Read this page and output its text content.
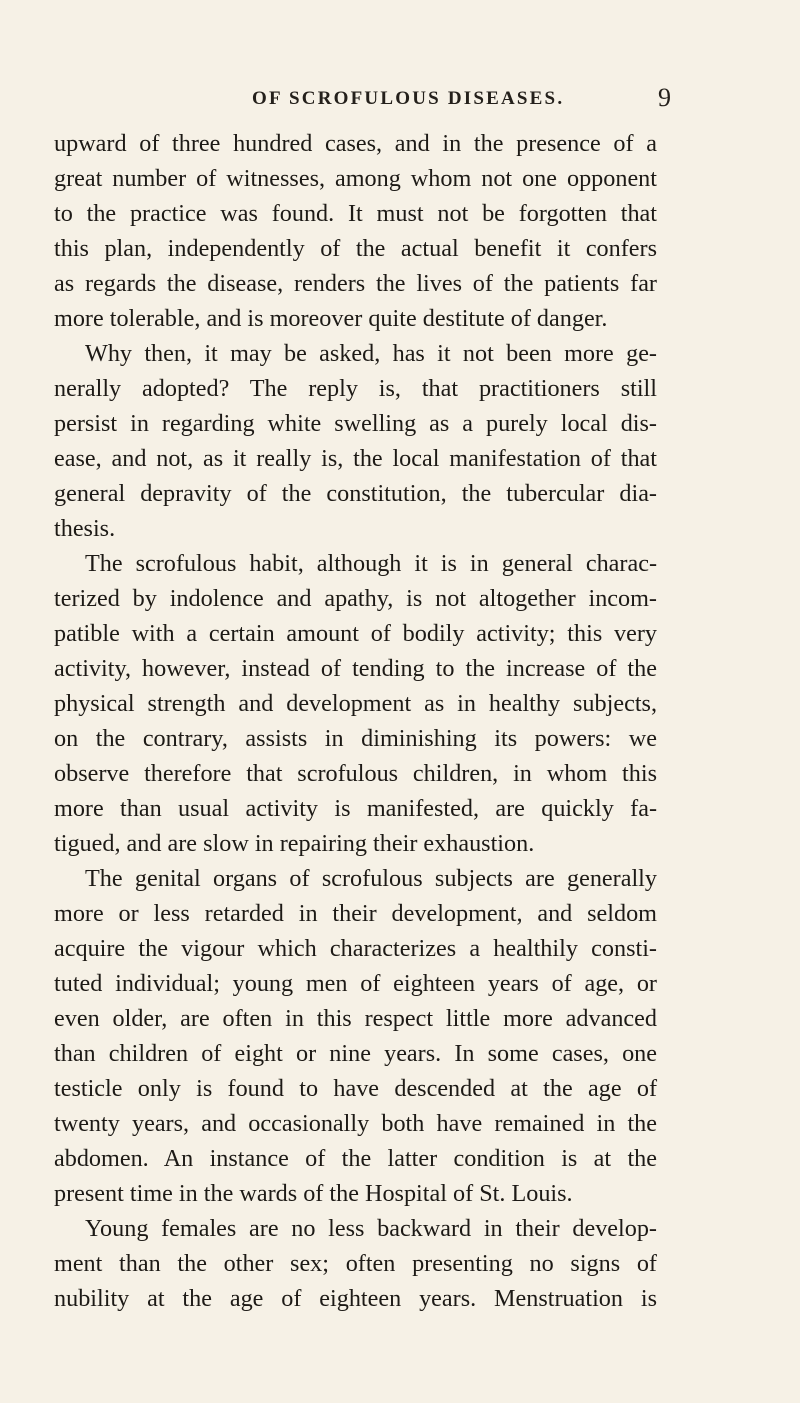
OF SCROFULOUS DISEASES.	9
upward of three hundred cases, and in the presence of a
great number of witnesses, among whom not one opponent
to the practice was found. It must not be forgotten that
this plan, independently of the actual benefit it confers
as regards the disease, renders the lives of the patients far
more tolerable, and is moreover quite destitute of danger.
Why then, it may be asked, has it not been more ge-
nerally adopted? The reply is, that practitioners still
persist in regarding white swelling as a purely local dis-
ease, and not, as it really is, the local manifestation of that
general depravity of the constitution, the tubercular dia-
thesis.
The scrofulous habit, although it is in general charac-
terized by indolence and apathy, is not altogether incom-
patible with a certain amount of bodily activity; this very
activity, however, instead of tending to the increase of the
physical strength and development as in healthy subjects,
on the contrary, assists in diminishing its powers: we
observe therefore that scrofulous children, in whom this
more than usual activity is manifested, are quickly fa-
tigued, and are slow in repairing their exhaustion.
The genital organs of scrofulous subjects are generally
more or less retarded in their development, and seldom
acquire the vigour which characterizes a healthily consti-
tuted individual; young men of eighteen years of age, or
even older, are often in this respect little more advanced
than children of eight or nine years. In some cases, one
testicle only is found to have descended at the age of
twenty years, and occasionally both have remained in the
abdomen. An instance of the latter condition is at the
present time in the wards of the Hospital of St. Louis.
Young females are no less backward in their develop-
ment than the other sex; often presenting no signs of
nubility at the age of eighteen years. Menstruation is
